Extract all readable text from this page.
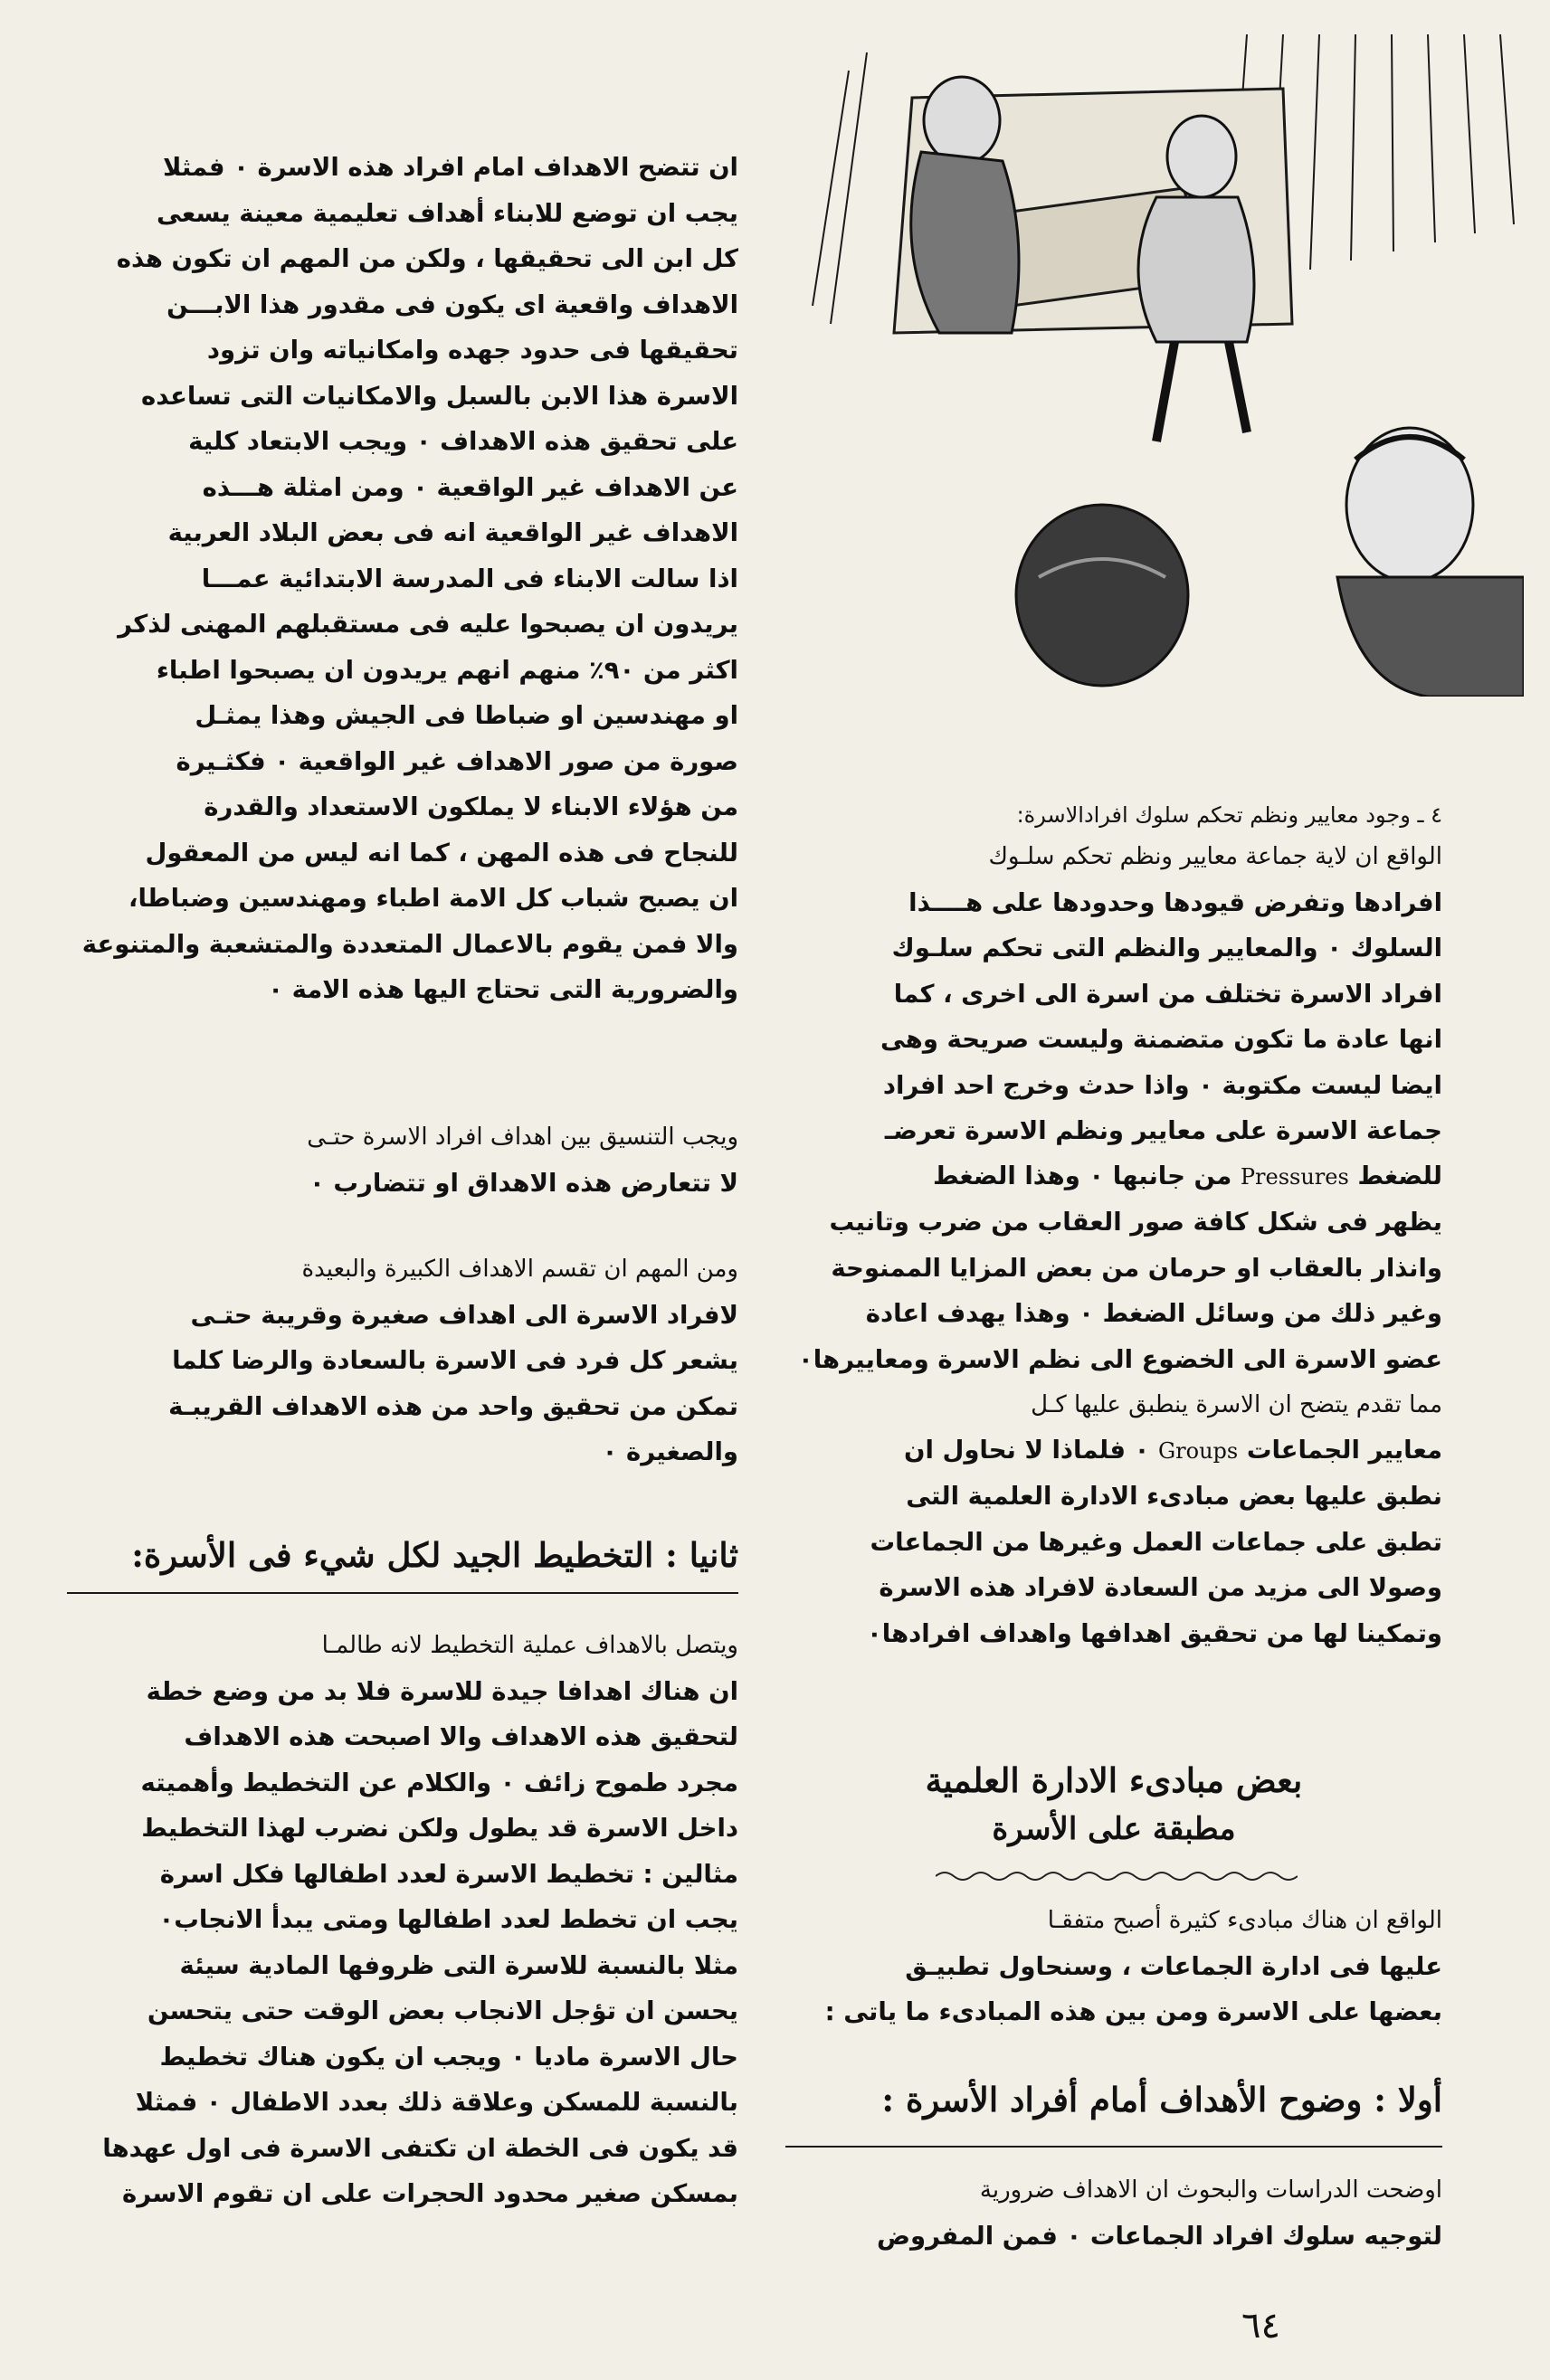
ان تتضح الاهداف امام افراد هذه الاسرة ٠ فمثلا

يجب ان توضع للابناء أهداف تعليمية معينة يسعى

كل ابن الى تحقيقها ، ولكن من المهم ان تكون هذه

الاهداف واقعية اى يكون فى مقدور هذا الابـــن

تحقيقها فى حدود جهده وامكانياته وان تزود

الاسرة هذا الابن بالسبل والامكانيات التى تساعده

على تحقيق هذه الاهداف ٠ ويجب الابتعاد كلية

عن الاهداف غير الواقعية ٠ ومن امثلة هـــذه

الاهداف غير الواقعية انه فى بعض البلاد العربية

اذا سالت الابناء فى المدرسة الابتدائية عمـــا

يريدون ان يصبحوا عليه فى مستقبلهم المهنى لذكر

اكثر من ٩٠٪ منهم انهم يريدون ان يصبحوا اطباء

او مهندسين او ضباطا فى الجيش وهذا يمثـل

صورة من صور الاهداف غير الواقعية ٠ فكثـيرة

من هؤلاء الابناء لا يملكون الاستعداد والقدرة

للنجاح فى هذه المهن ، كما انه ليس من المعقول

ان يصبح شباب كل الامة اطباء ومهندسين وضباطا،

والا فمن يقوم بالاعمال المتعددة والمتشعبة والمتنوعة

والضرورية التى تحتاج اليها هذه الامة ٠

ويجب التنسيق بين اهداف افراد الاسرة حتـى

لا تتعارض هذه الاهداق او تتضارب ٠

ومن المهم ان تقسم الاهداف الكبيرة والبعيدة

لافراد الاسرة الى اهداف صغيرة وقريبة حتـى

يشعر كل فرد فى الاسرة بالسعادة والرضا كلما

تمكن من تحقيق واحد من هذه الاهداف القريبـة

والصغيرة ٠

ثانيا : التخطيط الجيد لكل شيء فى الأسرة:

ويتصل بالاهداف عملية التخطيط لانه طالمـا

ان هناك اهدافا جيدة للاسرة فلا بد من وضع خطة

لتحقيق هذه الاهداف والا اصبحت هذه الاهداف

مجرد طموح زائف ٠ والكلام عن التخطيط وأهميته

داخل الاسرة قد يطول ولكن نضرب لهذا التخطيط

مثالين : تخطيط الاسرة لعدد اطفالها فكل اسرة

يجب ان تخطط لعدد اطفالها ومتى يبدأ الانجاب٠

مثلا بالنسبة للاسرة التى ظروفها المادية سيئة

يحسن ان تؤجل الانجاب بعض الوقت حتى يتحسن

حال الاسرة ماديا ٠ ويجب ان يكون هناك تخطيط

بالنسبة للمسكن وعلاقة ذلك بعدد الاطفال ٠ فمثلا

قد يكون فى الخطة ان تكتفى الاسرة فى اول عهدها

بمسكن صغير محدود الحجرات على ان تقوم الاسرة

٤ ـ وجود معايير ونظم تحكم سلوك افرادالاسرة:

الواقع ان لاية جماعة معايير ونظم تحكم سلـوك

افرادها وتفرض قيودها وحدودها على هــــذا

السلوك ٠ والمعايير والنظم التى تحكم سلـوك

افراد الاسرة تختلف من اسرة الى اخرى ، كما

انها عادة ما تكون متضمنة وليست صريحة وهى

ايضا ليست مكتوبة ٠ واذا حدث وخرج احد افراد

جماعة الاسرة على معايير ونظم الاسرة تعرضـ

للضغط Pressures من جانبها ٠ وهذا الضغط

يظهر فى شكل كافة صور العقاب من ضرب وتانيب

وانذار بالعقاب او حرمان من بعض المزايا الممنوحة

وغير ذلك من وسائل الضغط ٠ وهذا يهدف اعادة

عضو الاسرة الى الخضوع الى نظم الاسرة ومعاييرها٠

مما تقدم يتضح ان الاسرة ينطبق عليها كـل

معايير الجماعات Groups ٠ فلماذا لا نحاول ان

نطبق عليها بعض مبادىء الادارة العلمية التى

تطبق على جماعات العمل وغيرها من الجماعات

وصولا الى مزيد من السعادة لافراد هذه الاسرة

وتمكينا لها من تحقيق اهدافها واهداف افرادها٠

بعض مبادىء الادارة العلمية

مطبقة على الأسرة

الواقع ان هناك مبادىء كثيرة أصبح متفقـا

عليها فى ادارة الجماعات ، وسنحاول تطبيـق

بعضها على الاسرة ومن بين هذه المبادىء ما ياتى :

أولا : وضوح الأهداف أمام أفراد الأسرة :

اوضحت الدراسات والبحوث ان الاهداف ضرورية

لتوجيه سلوك افراد الجماعات ٠ فمن المفروض

٦٤
